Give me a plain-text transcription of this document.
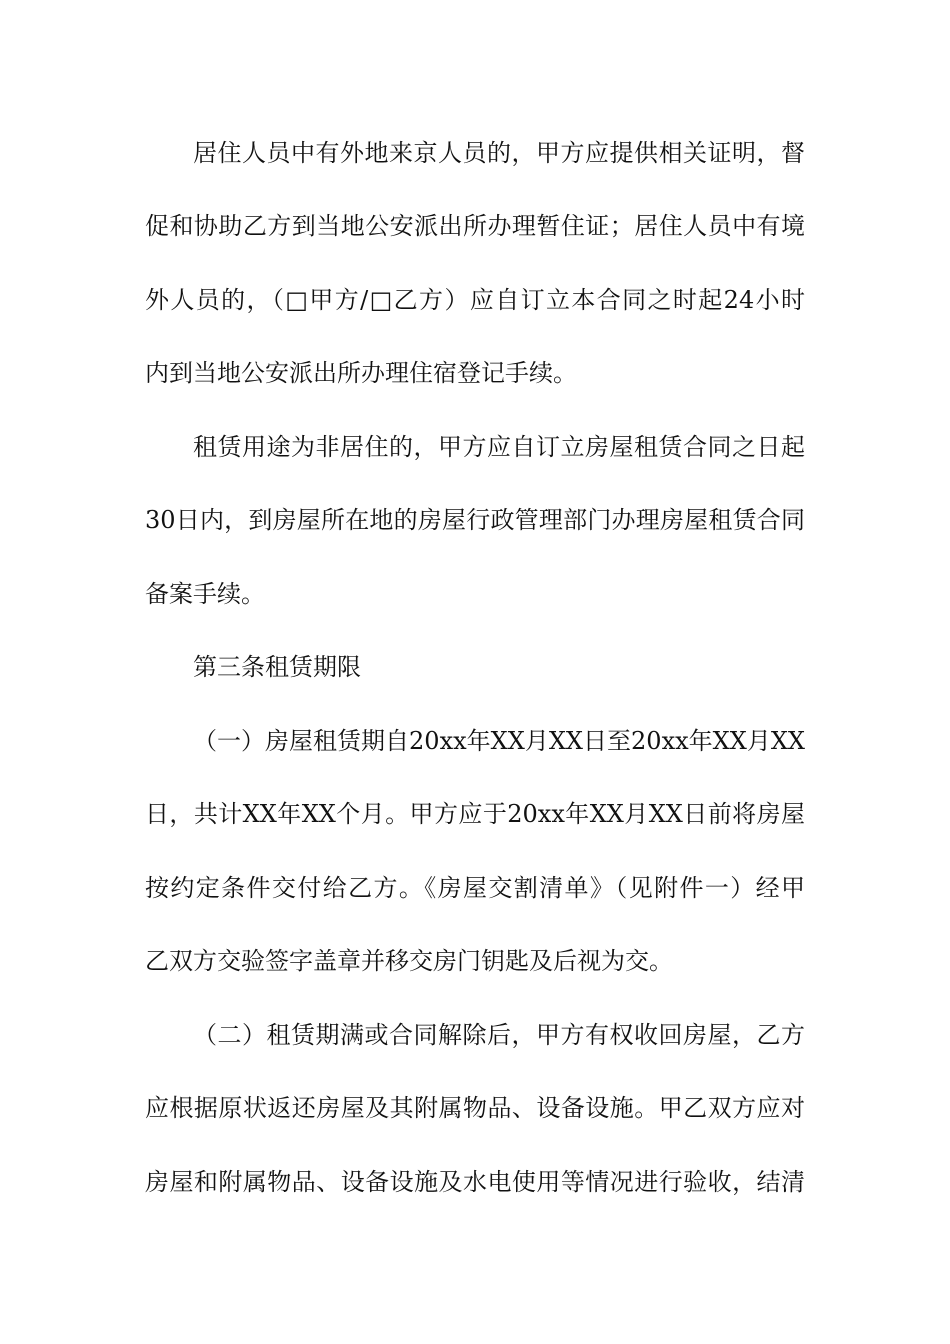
居住人员中有外地来京人员的，甲方应提供相关证明，督
促和协助乙方到当地公安派出所办理暂住证；居住人员中有境
外人员的，（□甲方/□乙方）应自订立本合同之时起24小时
内到当地公安派出所办理住宿登记手续。
租赁用途为非居住的，甲方应自订立房屋租赁合同之日起
30日内，到房屋所在地的房屋行政管理部门办理房屋租赁合同
备案手续。
第三条租赁期限
（一）房屋租赁期自20xx年XX月XX日至20xx年XX月XX
日，共计XX年XX个月。甲方应于20xx年XX月XX日前将房屋
按约定条件交付给乙方。《房屋交割清单》（见附件一）经甲
乙双方交验签字盖章并移交房门钥匙及后视为交。
（二）租赁期满或合同解除后，甲方有权收回房屋，乙方
应根据原状返还房屋及其附属物品、设备设施。甲乙双方应对
房屋和附属物品、设备设施及水电使用等情况进行验收，结清
